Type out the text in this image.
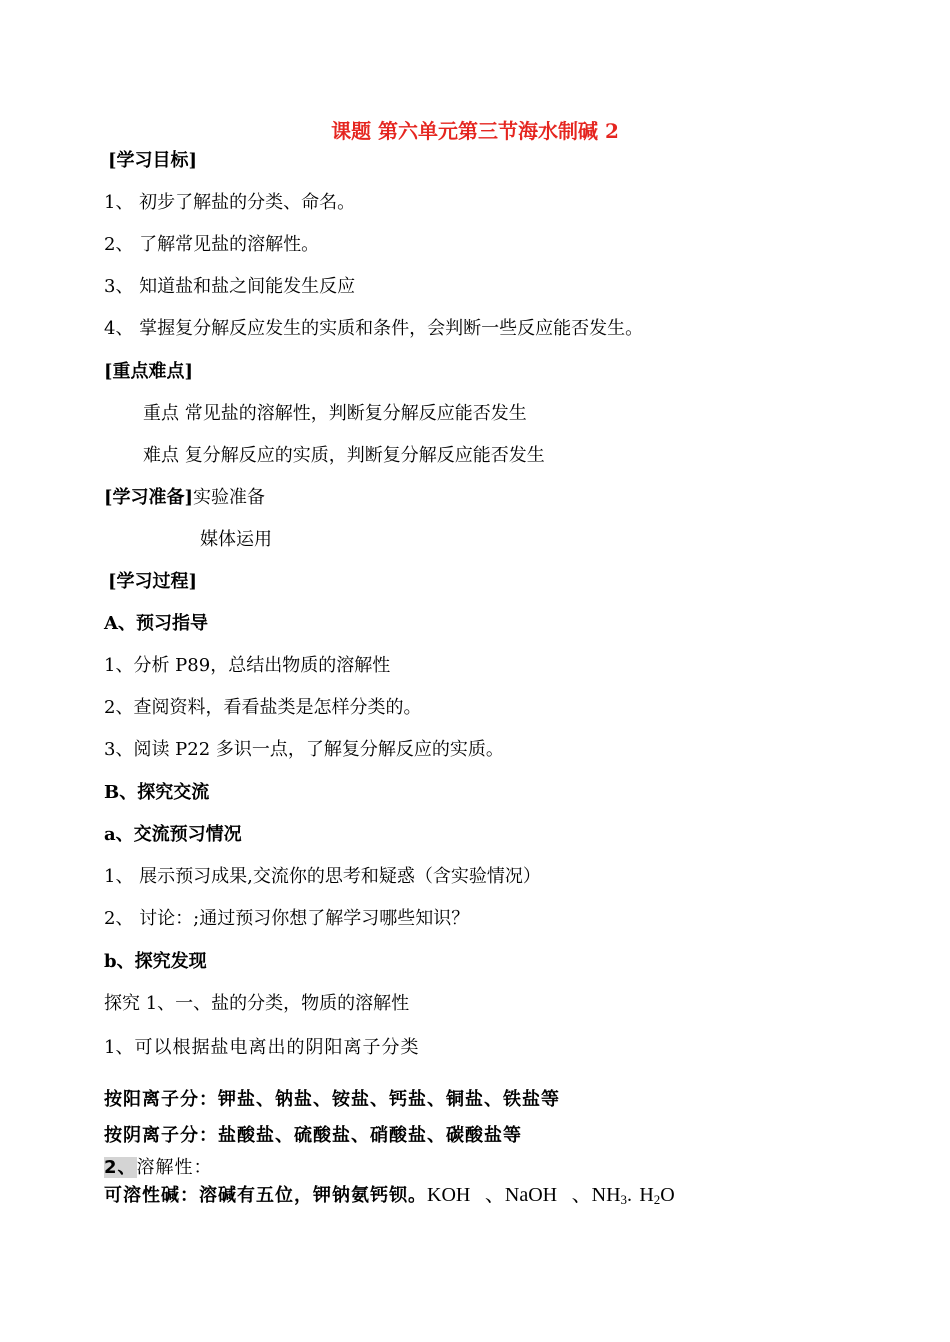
课题 第六单元第三节海水制碱 2
[学习目标]
1、 初步了解盐的分类、命名。
2、 了解常见盐的溶解性。
3、 知道盐和盐之间能发生反应
4、 掌握复分解反应发生的实质和条件，会判断一些反应能否发生。
[重点难点]
重点 常见盐的溶解性，判断复分解反应能否发生
难点 复分解反应的实质，判断复分解反应能否发生
[学习准备]实验准备
媒体运用
[学习过程]
A、预习指导
1、分析 P89，总结出物质的溶解性
2、查阅资料，看看盐类是怎样分类的。
3、阅读 P22 多识一点，了解复分解反应的实质。
B、探究交流
a、交流预习情况
1、 展示预习成果,交流你的思考和疑惑（含实验情况）
2、 讨论：;通过预习你想了解学习哪些知识？
b、探究发现
探究 1、一、盐的分类，物质的溶解性
1、可以根据盐电离出的阴阳离子分类
按阳离子分：钾盐、钠盐、铵盐、钙盐、铜盐、铁盐等
按阴离子分：盐酸盐、硫酸盐、硝酸盐、碳酸盐等
2、溶解性：
可溶性碱：溶碱有五位，钾钠氨钙钡。KOH 、NaOH 、$NH_3$. $H_2O$
